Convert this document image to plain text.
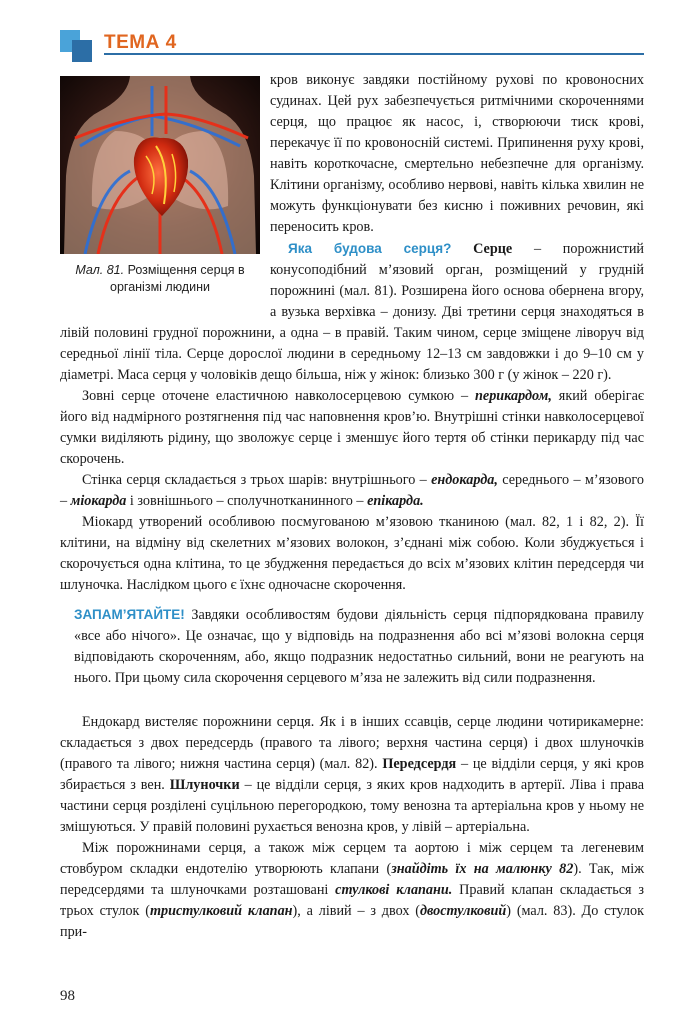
ТЕМА 4
Мал. 81. Розміщення серця в організмі людини

кров виконує завдяки постійному рухові по кровоносних судинах. Цей рух забезпечується ритмічними скороченнями серця, що працює як насос, і, створюючи тиск крові, перекачує її по кровоносній системі. Припинення руху крові, навіть короткочасне, смертельно небезпечне для організму. Клітини організму, особливо нервові, навіть кілька хвилин не можуть функціонувати без кисню і поживних речовин, які переносить кров.

Яка будова серця? Серце – порожнистий конусоподібний м’язовий орган, розміщений у грудній порожнині (мал. 81). Розширена його основа обернена вгору, а вузька верхівка – донизу. Дві третини серця знаходяться в лівій половині грудної порожнини, а одна – в правій. Таким чином, серце зміщене ліворуч від середньої лінії тіла. Серце дорослої людини в середньому 12–13 см завдовжки і до 9–10 см у діаметрі. Маса серця у чоловіків дещо більша, ніж у жінок: близько 300 г (у жінок – 220 г).

Зовні серце оточене еластичною навколосерцевою сумкою – перикардом, який оберігає його від надмірного розтягнення під час наповнення кров’ю. Внутрішні стінки навколосерцевої сумки виділяють рідину, що зволожує серце і зменшує його тертя об стінки перикарду під час скорочень.

Стінка серця складається з трьох шарів: внутрішнього – ендокарда, середнього – м’язового – міокарда і зовнішнього – сполучнотканинного – епікарда.

Міокард утворений особливою посмугованою м’язовою тканиною (мал. 82, 1 і 82, 2). Її клітини, на відміну від скелетних м’язових волокон, з’єднані між собою. Коли збуджується і скорочується одна клітина, то це збудження передається до всіх м’язових клітин передсердя чи шлуночка. Наслідком цього є їхнє одночасне скорочення.

ЗАПАМ’ЯТАЙТЕ! Завдяки особливостям будови діяльність серця підпорядкована правилу «все або нічого». Це означає, що у відповідь на подразнення або всі м’язові волокна серця відповідають скороченням, або, якщо подразник недостатньо сильний, вони не реагують на нього. При цьому сила скорочення серцевого м’яза не залежить від сили подразнення.

Ендокард вистеляє порожнини серця. Як і в інших ссавців, серце людини чотирикамерне: складається з двох передсердь (правого та лівого; верхня частина серця) і двох шлуночків (правого та лівого; нижня частина серця) (мал. 82). Передсердя – це відділи серця, у які кров збирається з вен. Шлуночки – це відділи серця, з яких кров надходить в артерії. Ліва і права частини серця розділені суцільною перегородкою, тому венозна та артеріальна кров у ньому не змішуються. У правій половині рухається венозна кров, у лівій – артеріальна.

Між порожнинами серця, а також між серцем та аортою і між серцем та легеневим стовбуром складки ендотелію утворюють клапани (знайдіть їх на малюнку 82). Так, між передсердями та шлуночками розташовані стулкові клапани. Правий клапан складається з трьох стулок (тристулковий клапан), а лівий – з двох (двостулковий) (мал. 83). До стулок при-

98
